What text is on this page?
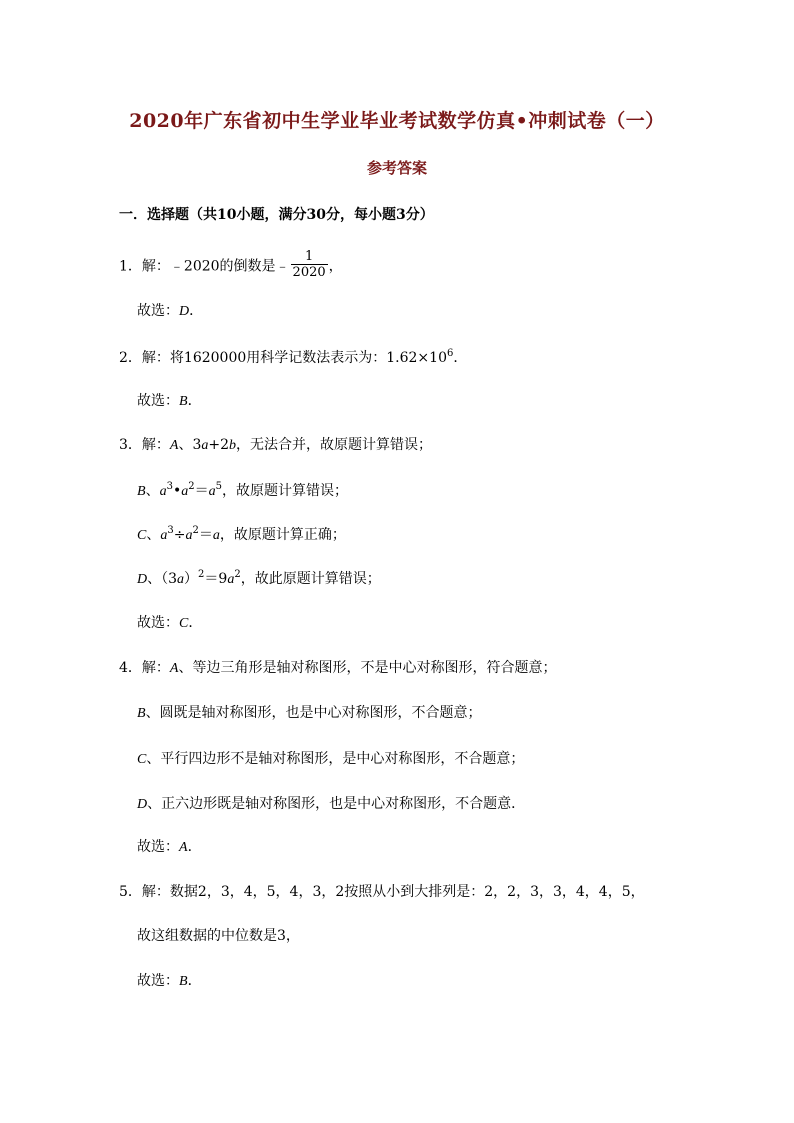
2020年广东省初中生学业毕业考试数学仿真•冲刺试卷（一）
参考答案
一．选择题（共10小题，满分30分，每小题3分）
1．解：﹣2020的倒数是﹣ $\frac{1}{2020}$ ，
故选：D．
2．解：将1620000用科学记数法表示为：$1.62\times 10^6$．
故选：B．
3．解：A、3a+2b，无法合并，故原题计算错误；
B、$a^3•a^2=a^5$，故原题计算错误；
C、$a^3\div a^2=a$，故原题计算正确；
D、$(3a)^2=9a^2$，故此原题计算错误；
故选：C．
4．解：A、等边三角形是轴对称图形，不是中心对称图形，符合题意；
B、圆既是轴对称图形，也是中心对称图形，不合题意；
C、平行四边形不是轴对称图形，是中心对称图形，不合题意；
D、正六边形既是轴对称图形，也是中心对称图形，不合题意．
故选：A．
5．解：数据2，3，4，5，4，3，2按照从小到大排列是：2，2，3，3，4，4，5，
故这组数据的中位数是3，
故选：B．
